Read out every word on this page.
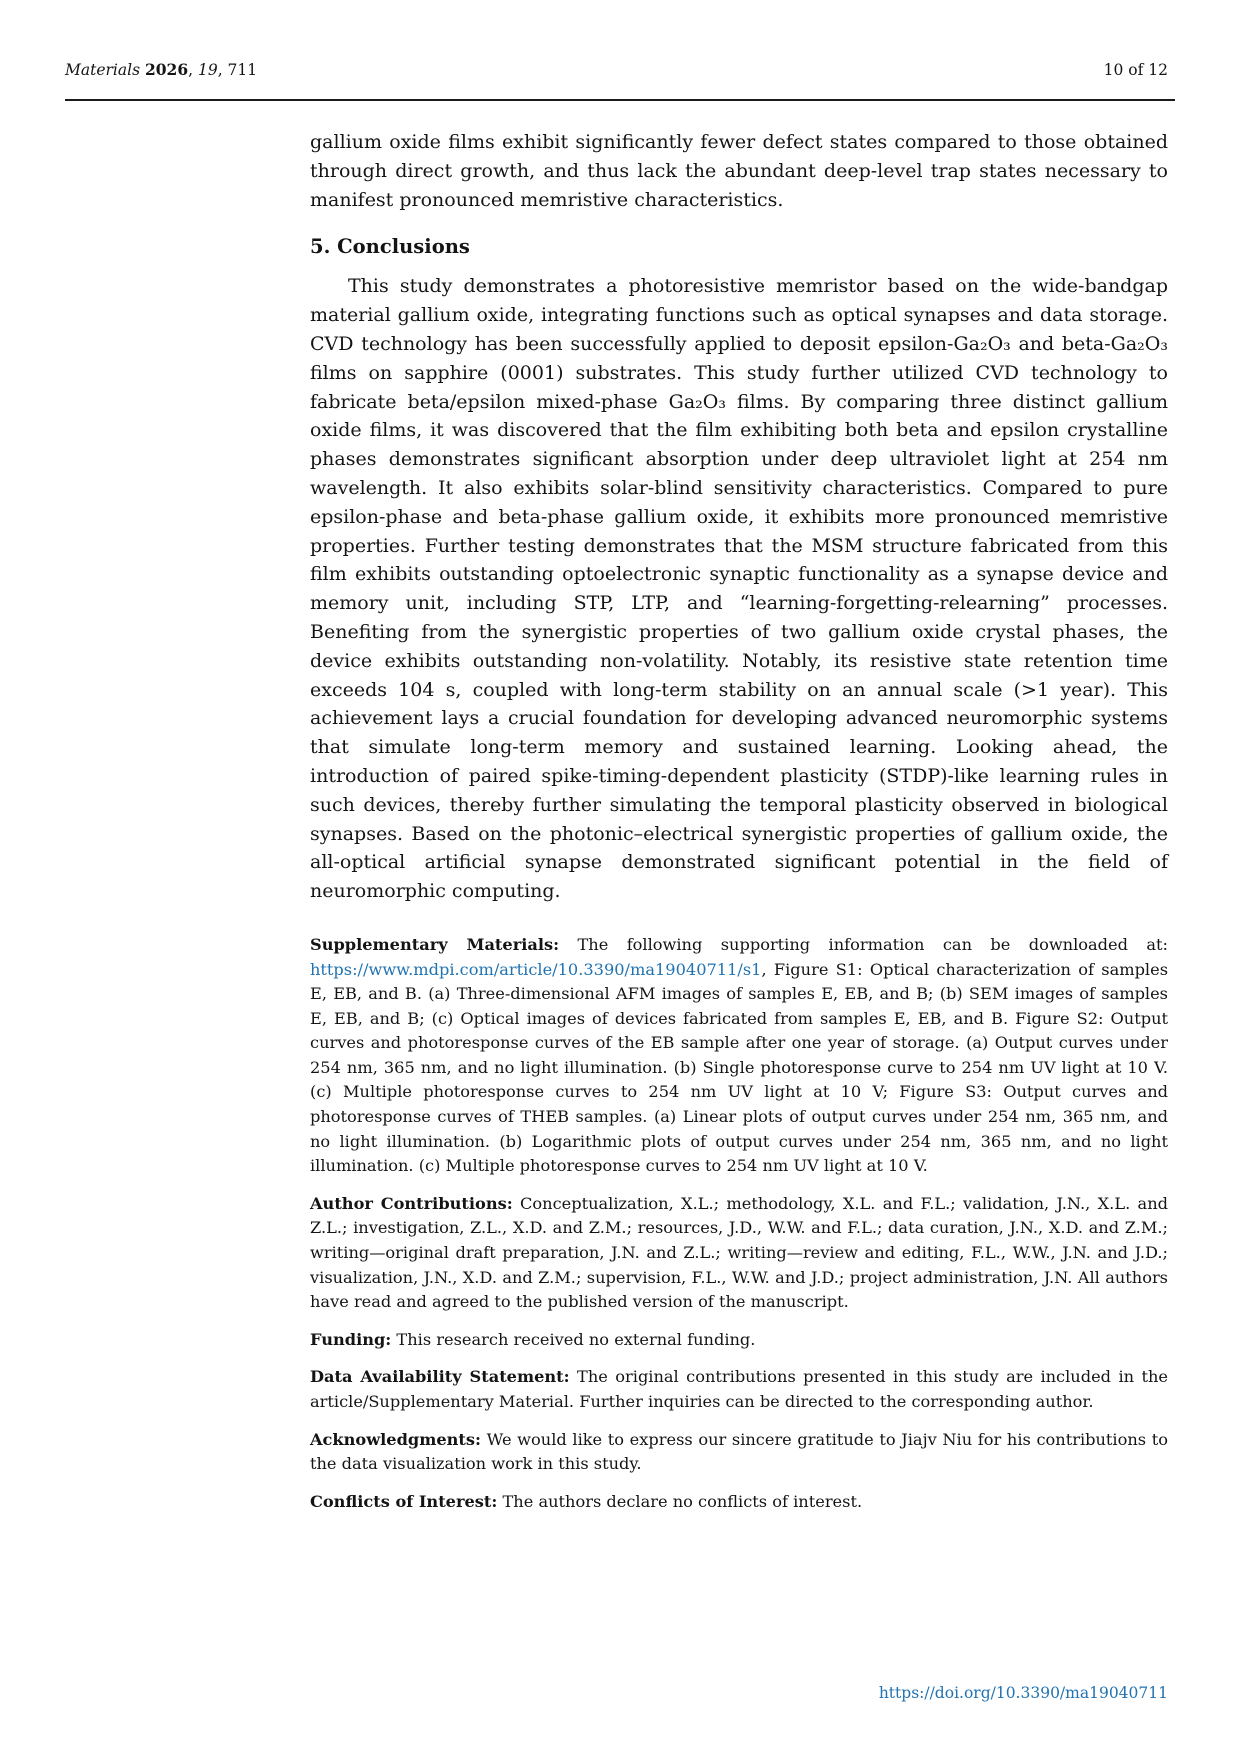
Materials 2026, 19, 711	10 of 12

gallium oxide films exhibit significantly fewer defect states compared to those obtained through direct growth, and thus lack the abundant deep-level trap states necessary to manifest pronounced memristive characteristics.

5. Conclusions

This study demonstrates a photoresistive memristor based on the wide-bandgap material gallium oxide, integrating functions such as optical synapses and data storage. CVD technology has been successfully applied to deposit epsilon-Ga₂O₃ and beta-Ga₂O₃ films on sapphire (0001) substrates. This study further utilized CVD technology to fabricate beta/epsilon mixed-phase Ga₂O₃ films. By comparing three distinct gallium oxide films, it was discovered that the film exhibiting both beta and epsilon crystalline phases demonstrates significant absorption under deep ultraviolet light at 254 nm wavelength. It also exhibits solar-blind sensitivity characteristics. Compared to pure epsilon-phase and beta-phase gallium oxide, it exhibits more pronounced memristive properties. Further testing demonstrates that the MSM structure fabricated from this film exhibits outstanding optoelectronic synaptic functionality as a synapse device and memory unit, including STP, LTP, and “learning-forgetting-relearning” processes. Benefiting from the synergistic properties of two gallium oxide crystal phases, the device exhibits outstanding non-volatility. Notably, its resistive state retention time exceeds 104 s, coupled with long-term stability on an annual scale (>1 year). This achievement lays a crucial foundation for developing advanced neuromorphic systems that simulate long-term memory and sustained learning. Looking ahead, the introduction of paired spike-timing-dependent plasticity (STDP)-like learning rules in such devices, thereby further simulating the temporal plasticity observed in biological synapses. Based on the photonic–electrical synergistic properties of gallium oxide, the all-optical artificial synapse demonstrated significant potential in the field of neuromorphic computing.

Supplementary Materials: The following supporting information can be downloaded at: https://www.mdpi.com/article/10.3390/ma19040711/s1, Figure S1: Optical characterization of samples E, EB, and B. (a) Three-dimensional AFM images of samples E, EB, and B; (b) SEM images of samples E, EB, and B; (c) Optical images of devices fabricated from samples E, EB, and B. Figure S2: Output curves and photoresponse curves of the EB sample after one year of storage. (a) Output curves under 254 nm, 365 nm, and no light illumination. (b) Single photoresponse curve to 254 nm UV light at 10 V. (c) Multiple photoresponse curves to 254 nm UV light at 10 V; Figure S3: Output curves and photoresponse curves of THEB samples. (a) Linear plots of output curves under 254 nm, 365 nm, and no light illumination. (b) Logarithmic plots of output curves under 254 nm, 365 nm, and no light illumination. (c) Multiple photoresponse curves to 254 nm UV light at 10 V.

Author Contributions: Conceptualization, X.L.; methodology, X.L. and F.L.; validation, J.N., X.L. and Z.L.; investigation, Z.L., X.D. and Z.M.; resources, J.D., W.W. and F.L.; data curation, J.N., X.D. and Z.M.; writing—original draft preparation, J.N. and Z.L.; writing—review and editing, F.L., W.W., J.N. and J.D.; visualization, J.N., X.D. and Z.M.; supervision, F.L., W.W. and J.D.; project administration, J.N. All authors have read and agreed to the published version of the manuscript.

Funding: This research received no external funding.

Data Availability Statement: The original contributions presented in this study are included in the article/Supplementary Material. Further inquiries can be directed to the corresponding author.

Acknowledgments: We would like to express our sincere gratitude to Jiajv Niu for his contributions to the data visualization work in this study.

Conflicts of Interest: The authors declare no conflicts of interest.

https://doi.org/10.3390/ma19040711
